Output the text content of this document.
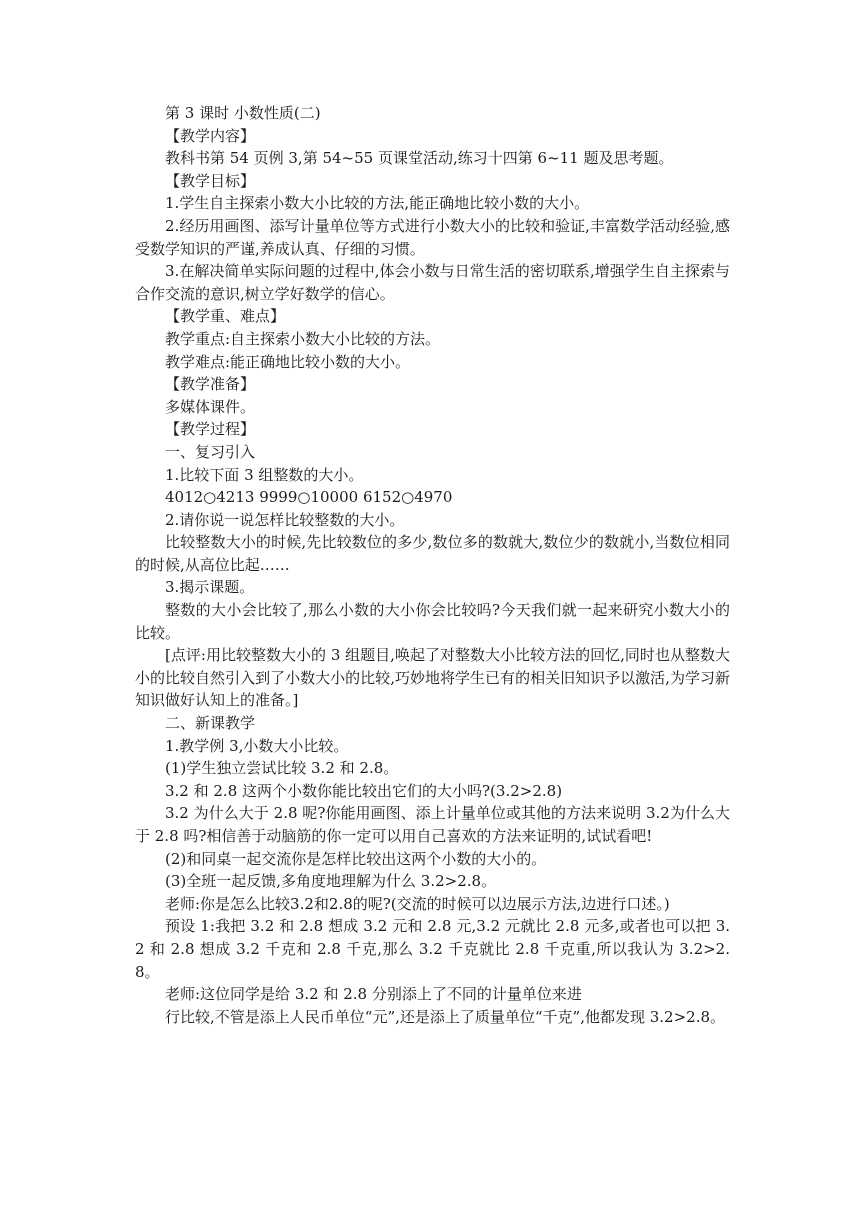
第 3 课时 小数性质(二)

【教学内容】

教科书第 54 页例 3,第 54~55 页课堂活动,练习十四第 6~11 题及思考题。

【教学目标】

1.学生自主探索小数大小比较的方法,能正确地比较小数的大小。

2.经历用画图、添写计量单位等方式进行小数大小的比较和验证,丰富数学活动经验,感受数学知识的严谨,养成认真、仔细的习惯。

3.在解决简单实际问题的过程中,体会小数与日常生活的密切联系,增强学生自主探索与合作交流的意识,树立学好数学的信心。

【教学重、难点】

教学重点:自主探索小数大小比较的方法。

教学难点:能正确地比较小数的大小。

【教学准备】

多媒体课件。

【教学过程】

一、复习引入

1.比较下面 3 组整数的大小。

4012○4213 9999○10000 6152○4970

2.请你说一说怎样比较整数的大小。

比较整数大小的时候,先比较数位的多少,数位多的数就大,数位少的数就小,当数位相同的时候,从高位比起……

3.揭示课题。

整数的大小会比较了,那么小数的大小你会比较吗?今天我们就一起来研究小数大小的比较。

[点评:用比较整数大小的 3 组题目,唤起了对整数大小比较方法的回忆,同时也从整数大小的比较自然引入到了小数大小的比较,巧妙地将学生已有的相关旧知识予以激活,为学习新知识做好认知上的准备。]

二、新课教学

1.教学例 3,小数大小比较。

(1)学生独立尝试比较 3.2 和 2.8。

3.2 和 2.8 这两个小数你能比较出它们的大小吗?(3.2>2.8)

3.2 为什么大于 2.8 呢?你能用画图、添上计量单位或其他的方法来说明 3.2为什么大于 2.8 吗?相信善于动脑筋的你一定可以用自己喜欢的方法来证明的,试试看吧!

(2)和同桌一起交流你是怎样比较出这两个小数的大小的。

(3)全班一起反馈,多角度地理解为什么 3.2>2.8。

老师:你是怎么比较3.2和2.8的呢?(交流的时候可以边展示方法,边进行口述。)

预设 1:我把 3.2 和 2.8 想成 3.2 元和 2.8 元,3.2 元就比 2.8 元多,或者也可以把 3.2 和 2.8 想成 3.2 千克和 2.8 千克,那么 3.2 千克就比 2.8 千克重,所以我认为 3.2>2.8。

老师:这位同学是给 3.2 和 2.8 分别添上了不同的计量单位来进

行比较,不管是添上人民币单位“元”,还是添上了质量单位“千克”,他都发现 3.2>2.8。
